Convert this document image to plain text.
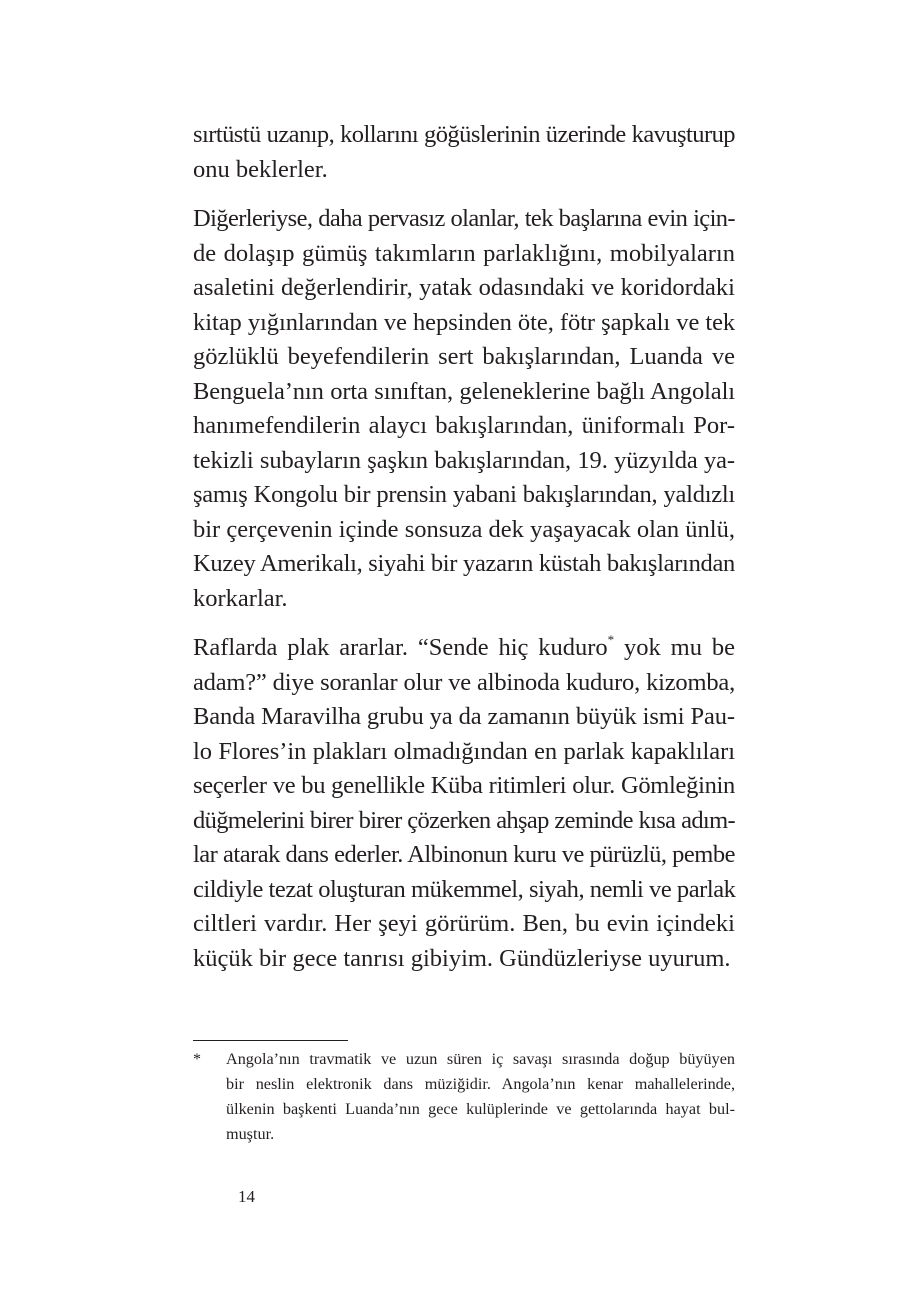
sırtüstü uzanıp, kollarını göğüslerinin üzerinde kavuşturup
onu beklerler.
Diğerleriyse, daha pervasız olanlar, tek başlarına evin için-
de dolaşıp gümüş takımların parlaklığını, mobilyaların
asaletini değerlendirir, yatak odasındaki ve koridordaki
kitap yığınlarından ve hepsinden öte, fötr şapkalı ve tek
gözlüklü beyefendilerin sert bakışlarından, Luanda ve
Benguela’nın orta sınıftan, geleneklerine bağlı Angolalı
hanımefendilerin alaycı bakışlarından, üniformalı Por-
tekizli subayların şaşkın bakışlarından, 19. yüzyılda ya-
şamış Kongolu bir prensin yabani bakışlarından, yaldızlı
bir çerçevenin içinde sonsuza dek yaşayacak olan ünlü,
Kuzey Amerikalı, siyahi bir yazarın küstah bakışlarından
korkarlar.
Raflarda plak ararlar. “Sende hiç kuduro* yok mu be
adam?” diye soranlar olur ve albinoda kuduro, kizomba,
Banda Maravilha grubu ya da zamanın büyük ismi Pau-
lo Flores’in plakları olmadığından en parlak kapaklıları
seçerler ve bu genellikle Küba ritimleri olur. Gömleğinin
düğmelerini birer birer çözerken ahşap zeminde kısa adım-
lar atarak dans ederler. Albinonun kuru ve pürüzlü, pembe
cildiyle tezat oluşturan mükemmel, siyah, nemli ve parlak
ciltleri vardır. Her şeyi görürüm. Ben, bu evin içindeki
küçük bir gece tanrısı gibiyim. Gündüzleriyse uyurum.
* Angola’nın travmatik ve uzun süren iç savaşı sırasında doğup büyüyen
bir neslin elektronik dans müziğidir. Angola’nın kenar mahallelerinde,
ülkenin başkenti Luanda’nın gece kulüplerinde ve gettolarında hayat bul-
muştur.
14
